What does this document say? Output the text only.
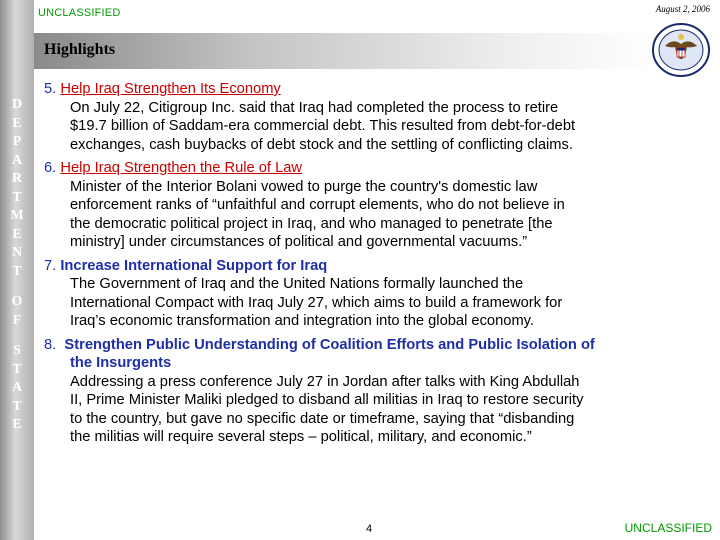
D
E
P
A
R
T
M
E
N
T
O
F
S
T
A
T
E
UNCLASSIFIED	August 2, 2006
Highlights
5. Help Iraq Strengthen Its Economy
On July 22, Citigroup Inc. said that Iraq had completed the process to retire
$19.7 billion of Saddam-era commercial debt. This resulted from debt-for-debt
exchanges, cash buybacks of debt stock and the settling of conflicting claims.
6. Help Iraq Strengthen the Rule of Law
Minister of the Interior Bolani vowed to purge the country's domestic law
enforcement ranks of “unfaithful and corrupt elements, who do not believe in
the democratic political project in Iraq, and who managed to penetrate [the
ministry] under circumstances of political and governmental vacuums.”
7. Increase International Support for Iraq
The Government of Iraq and the United Nations formally launched the
International Compact with Iraq July 27, which aims to build a framework for
Iraq’s economic transformation and integration into the global economy.
8. Strengthen Public Understanding of Coalition Efforts and Public Isolation of
the Insurgents
Addressing a press conference July 27 in Jordan after talks with King Abdullah
II, Prime Minister Maliki pledged to disband all militias in Iraq to restore security
to the country, but gave no specific date or timeframe, saying that “disbanding
the militias will require several steps – political, military, and economic.”
4	UNCLASSIFIED
